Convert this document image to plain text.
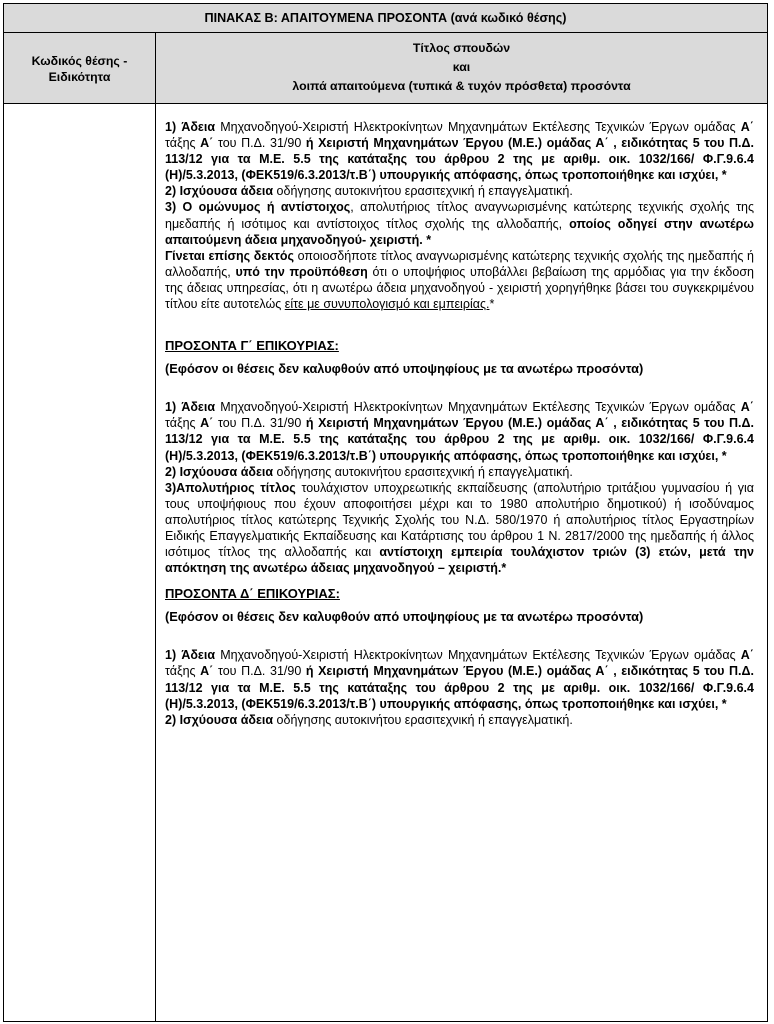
ΠΙΝΑΚΑΣ Β: ΑΠΑΙΤΟΥΜΕΝΑ ΠΡΟΣΟΝΤΑ (ανά κωδικό θέσης)
Κωδικός θέσης -
Ειδικότητα
Τίτλος σπουδών
και
λοιπά απαιτούμενα (τυπικά & τυχόν πρόσθετα) προσόντα

1) Άδεια Μηχανοδηγού-Χειριστή Ηλεκτροκίνητων Μηχανημάτων Εκτέλεσης Τεχνικών Έργων ομάδας Α΄ τάξης Α΄ του Π.Δ. 31/90 ή Χειριστή Μηχανημάτων Έργου (Μ.Ε.) ομάδας Α΄ , ειδικότητας 5 του Π.Δ. 113/12 για τα Μ.Ε. 5.5 της κατάταξης του άρθρου 2 της με αριθμ. οικ. 1032/166/ Φ.Γ.9.6.4 (Η)/5.3.2013, (ΦΕΚ519/6.3.2013/τ.Β΄) υπουργικής απόφασης, όπως τροποποιήθηκε και ισχύει, *

2) Ισχύουσα άδεια οδήγησης αυτοκινήτου ερασιτεχνική ή επαγγελματική.

3) Ο ομώνυμος ή αντίστοιχος, απολυτήριος τίτλος αναγνωρισμένης κατώτερης τεχνικής σχολής της ημεδαπής ή ισότιμος και αντίστοιχος τίτλος σχολής της αλλοδαπής, οποίος οδηγεί στην ανωτέρω απαιτούμενη άδεια μηχανοδηγού- χειριστή. *

Γίνεται επίσης δεκτός οποιοσδήποτε τίτλος αναγνωρισμένης κατώτερης τεχνικής σχολής της ημεδαπής ή αλλοδαπής, υπό την προϋπόθεση ότι ο υποψήφιος υποβάλλει βεβαίωση της αρμόδιας για την έκδοση της άδειας υπηρεσίας, ότι η ανωτέρω άδεια μηχανοδηγού - χειριστή χορηγήθηκε βάσει του συγκεκριμένου τίτλου είτε αυτοτελώς είτε με συνυπολογισμό και εμπειρίας.*

ΠΡΟΣΟΝΤΑ Γ΄ ΕΠΙΚΟΥΡΙΑΣ:

(Εφόσον οι θέσεις δεν καλυφθούν από υποψηφίους με τα ανωτέρω προσόντα)

1) Άδεια Μηχανοδηγού-Χειριστή Ηλεκτροκίνητων Μηχανημάτων Εκτέλεσης Τεχνικών Έργων ομάδας Α΄ τάξης Α΄ του Π.Δ. 31/90 ή Χειριστή Μηχανημάτων Έργου (Μ.Ε.) ομάδας Α΄ , ειδικότητας 5 του Π.Δ. 113/12 για τα Μ.Ε. 5.5 της κατάταξης του άρθρου 2 της με αριθμ. οικ. 1032/166/ Φ.Γ.9.6.4 (Η)/5.3.2013, (ΦΕΚ519/6.3.2013/τ.Β΄) υπουργικής απόφασης, όπως τροποποιήθηκε και ισχύει, *

2) Ισχύουσα άδεια οδήγησης αυτοκινήτου ερασιτεχνική ή επαγγελματική.

3)Απολυτήριος τίτλος τουλάχιστον υποχρεωτικής εκπαίδευσης (απολυτήριο τριτάξιου γυμνασίου ή για τους υποψήφιους που έχουν αποφοιτήσει μέχρι και το 1980 απολυτήριο δημοτικού) ή ισοδύναμος απολυτήριος τίτλος κατώτερης Τεχνικής Σχολής του Ν.Δ. 580/1970 ή απολυτήριος τίτλος Εργαστηρίων Ειδικής Επαγγελματικής Εκπαίδευσης και Κατάρτισης του άρθρου 1 Ν. 2817/2000 της ημεδαπής ή άλλος ισότιμος τίτλος της αλλοδαπής και αντίστοιχη εμπειρία τουλάχιστον τριών (3) ετών, μετά την απόκτηση της ανωτέρω άδειας μηχανοδηγού – χειριστή.*

ΠΡΟΣΟΝΤΑ Δ΄ ΕΠΙΚΟΥΡΙΑΣ:

(Εφόσον οι θέσεις δεν καλυφθούν από υποψηφίους με τα ανωτέρω προσόντα)

1) Άδεια Μηχανοδηγού-Χειριστή Ηλεκτροκίνητων Μηχανημάτων Εκτέλεσης Τεχνικών Έργων ομάδας Α΄ τάξης Α΄ του Π.Δ. 31/90 ή Χειριστή Μηχανημάτων Έργου (Μ.Ε.) ομάδας Α΄ , ειδικότητας 5 του Π.Δ. 113/12 για τα Μ.Ε. 5.5 της κατάταξης του άρθρου 2 της με αριθμ. οικ. 1032/166/ Φ.Γ.9.6.4 (Η)/5.3.2013, (ΦΕΚ519/6.3.2013/τ.Β΄) υπουργικής απόφασης, όπως τροποποιήθηκε και ισχύει, *

2) Ισχύουσα άδεια οδήγησης αυτοκινήτου ερασιτεχνική ή επαγγελματική.
